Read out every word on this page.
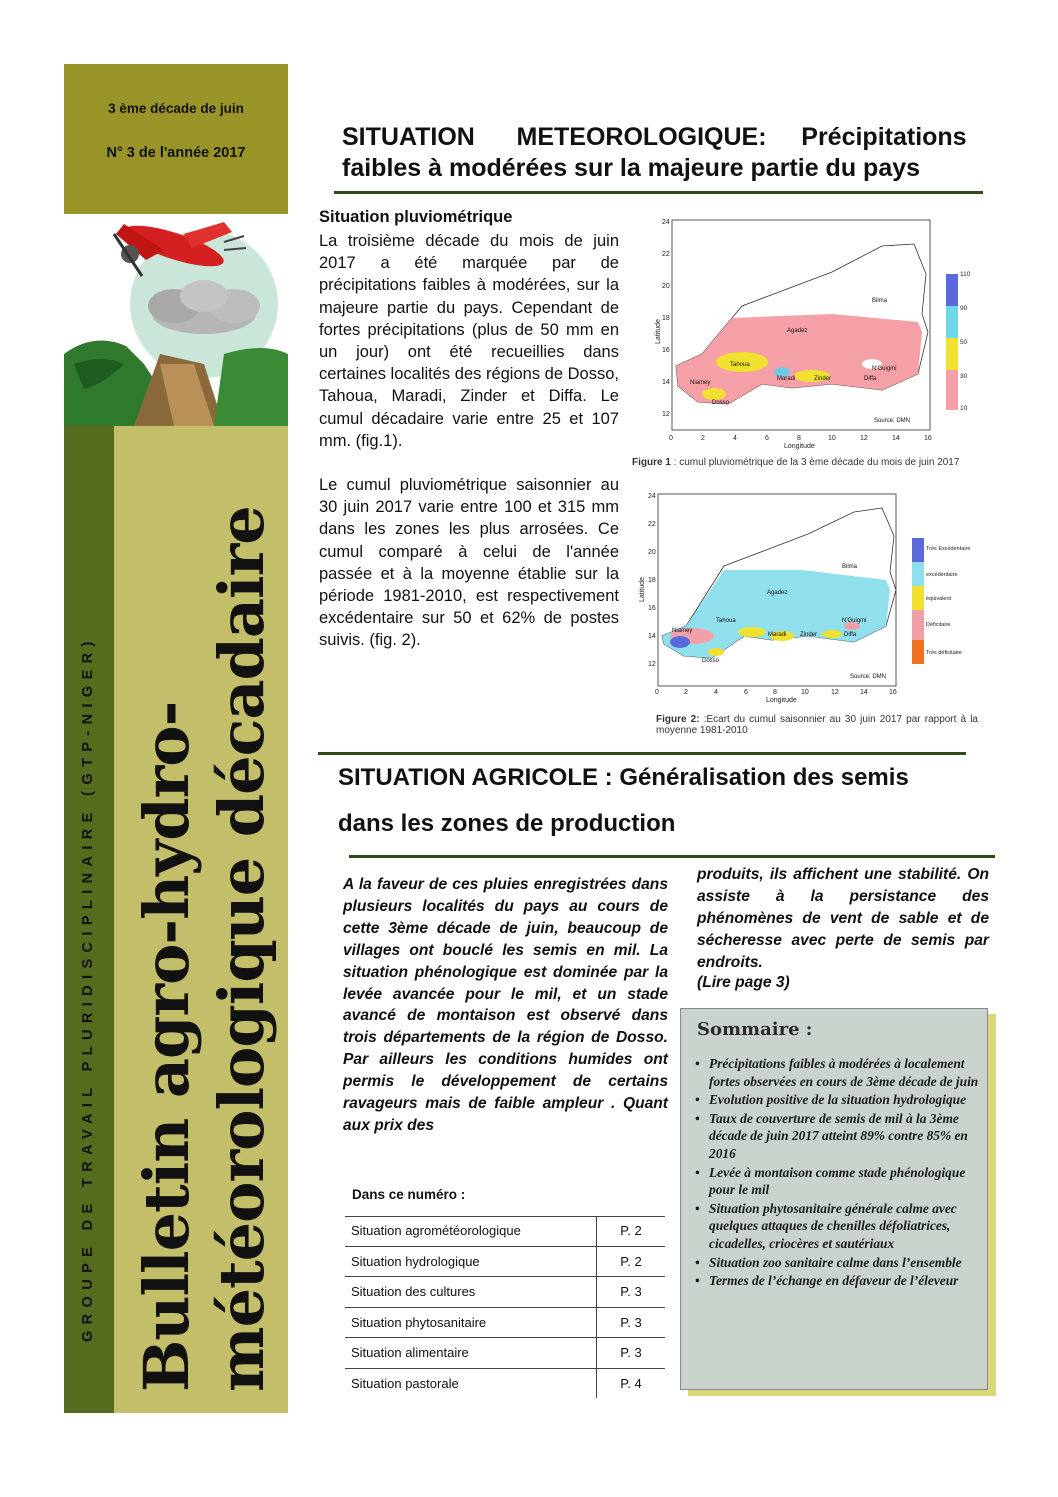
3 ème décade de juin
N° 3 de l'année 2017
GROUPE DE TRAVAIL PLURIDISCIPLINAIRE (GTP-NIGER) Bulletin agro-hydro- météorologique décadaire
SITUATION      METEOROLOGIQUE:     Précipitations
faibles à modérées sur la majeure partie du pays
Situation pluviométrique
La troisième décade du mois de juin 2017 a été marquée par de précipitations faibles à modérées, sur la majeure partie du pays. Cependant de fortes précipitations (plus de 50 mm en un jour) ont été recueillies dans certaines localités des régions de Dosso, Tahoua, Maradi, Zinder et Diffa. Le cumul décadaire varie entre 25 et 107 mm. (fig.1).
Le cumul pluviométrique saisonnier au 30 juin 2017 varie entre 100 et 315 mm dans les zones les plus arrosées. Ce cumul comparé à celui de l'année passée et à la moyenne établie sur la période 1981-2010, est respectivement excédentaire sur 50 et 62% de postes suivis. (fig. 2).
0	2	4	6	8	10	12	14	16
Longitude
24
22
20
18
16
14
12
Latitude
Bilma
Agadez
Tahoua
Maradi	Zinder	Diffa
Niamey
Dosso
N'Guigmi
Source: DMN
110
90
50
30
10
Figure 1 : cumul pluviométrique de la 3 ème décade du mois de juin 2017
0	2	4	6	8	10	12	14	16
Longitude
24
22
20
18
16
14
12
Latitude
Bilma
Agadez
Tahoua
Maradi Zinder	Diffa
Niamey
Dosso
N'Guigmi
Source: DMN
Très Excédentaire
excédentaire
équivalent
Déficitaire
Très déficitaire
Figure 2: :Ecart du cumul saisonnier au 30 juin 2017 par rapport à la moyenne 1981-2010
SITUATION AGRICOLE : Généralisation des semis
dans les zones de production
A la faveur de ces pluies enregistrées dans plusieurs localités du pays au cours de cette 3ème décade de juin, beaucoup de villages ont bouclé les semis en mil. La situation phénologique est dominée par la levée avancée pour le mil, et un stade avancé de montaison est observé dans trois départements de la région de Dosso. Par ailleurs les conditions humides ont permis le développement de certains ravageurs mais de faible ampleur . Quant aux prix des
produits, ils affichent une stabilité. On assiste à la persistance des phénomènes de vent de sable et de sécheresse avec perte de semis par endroits.
(Lire page 3)
Dans ce numéro :
Situation agrométéorologique	P. 2
Situation hydrologique	P. 2
Situation des cultures	P. 3
Situation phytosanitaire	P. 3
Situation alimentaire	P. 3
Situation pastorale	P. 4
Sommaire :
• Précipitations faibles à modérées à localement fortes observées en cours de 3ème décade de juin
• Evolution positive de la situation hydrologique
• Taux de couverture de semis de mil à la 3ème décade de juin 2017 atteint 89% contre 85% en 2016
• Levée à montaison comme stade phénologique pour le mil
• Situation phytosanitaire générale calme avec quelques attaques de chenilles défoliatrices, cicadelles, criocères et sautériaux
• Situation zoo sanitaire calme dans l’ensemble
• Termes de l’échange en défaveur de l’éleveur
